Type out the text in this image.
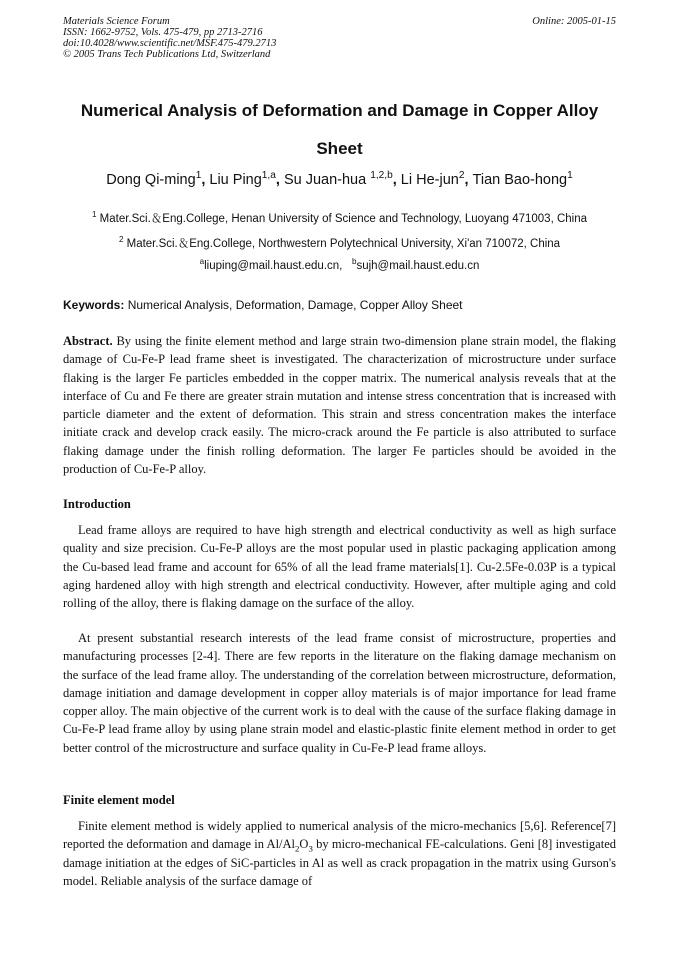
Materials Science Forum
ISSN: 1662-9752, Vols. 475-479, pp 2713-2716
doi:10.4028/www.scientific.net/MSF.475-479.2713
© 2005 Trans Tech Publications Ltd, Switzerland
Online: 2005-01-15
Numerical Analysis of Deformation and Damage in Copper Alloy
Sheet
Dong Qi-ming$^1$, Liu Ping$^{1,a}$, Su Juan-hua $^{1,2,b}$, Li He-jun$^2$, Tian Bao-hong$^1$
$^1$ Mater.Sci.＆Eng.College, Henan University of Science and Technology, Luoyang 471003, China
$^2$ Mater.Sci.＆Eng.College, Northwestern Polytechnical University, Xi'an 710072, China
$^a$liuping@mail.haust.edu.cn, $^b$sujh@mail.haust.edu.cn
Keywords: Numerical Analysis, Deformation, Damage, Copper Alloy Sheet
Abstract. By using the finite element method and large strain two-dimension plane strain model, the flaking damage of Cu-Fe-P lead frame sheet is investigated. The characterization of microstructure under surface flaking is the larger Fe particles embedded in the copper matrix. The numerical analysis reveals that at the interface of Cu and Fe there are greater strain mutation and intense stress concentration that is increased with particle diameter and the extent of deformation. This strain and stress concentration makes the interface initiate crack and develop crack easily. The micro-crack around the Fe particle is also attributed to surface flaking damage under the finish rolling deformation. The larger Fe particles should be avoided in the production of Cu-Fe-P alloy.
Introduction

Lead frame alloys are required to have high strength and electrical conductivity as well as high surface quality and size precision. Cu-Fe-P alloys are the most popular used in plastic packaging application among the Cu-based lead frame and account for 65% of all the lead frame materials[1]. Cu-2.5Fe-0.03P is a typical aging hardened alloy with high strength and electrical conductivity. However, after multiple aging and cold rolling of the alloy, there is flaking damage on the surface of the alloy.

At present substantial research interests of the lead frame consist of microstructure, properties and manufacturing processes [2-4]. There are few reports in the literature on the flaking damage mechanism on the surface of the lead frame alloy. The understanding of the correlation between microstructure, deformation, damage initiation and damage development in copper alloy materials is of major importance for lead frame copper alloy. The main objective of the current work is to deal with the cause of the surface flaking damage in Cu-Fe-P lead frame alloy by using plane strain model and elastic-plastic finite element method in order to get better control of the microstructure and surface quality in Cu-Fe-P lead frame alloys.

Finite element model

Finite element method is widely applied to numerical analysis of the micro-mechanics [5,6]. Reference[7] reported the deformation and damage in $Al/Al_2O_3$ by micro-mechanical FE-calculations. Geni [8] investigated damage initiation at the edges of SiC-particles in Al as well as crack propagation in the matrix using Gurson's model. Reliable analysis of the surface damage of
